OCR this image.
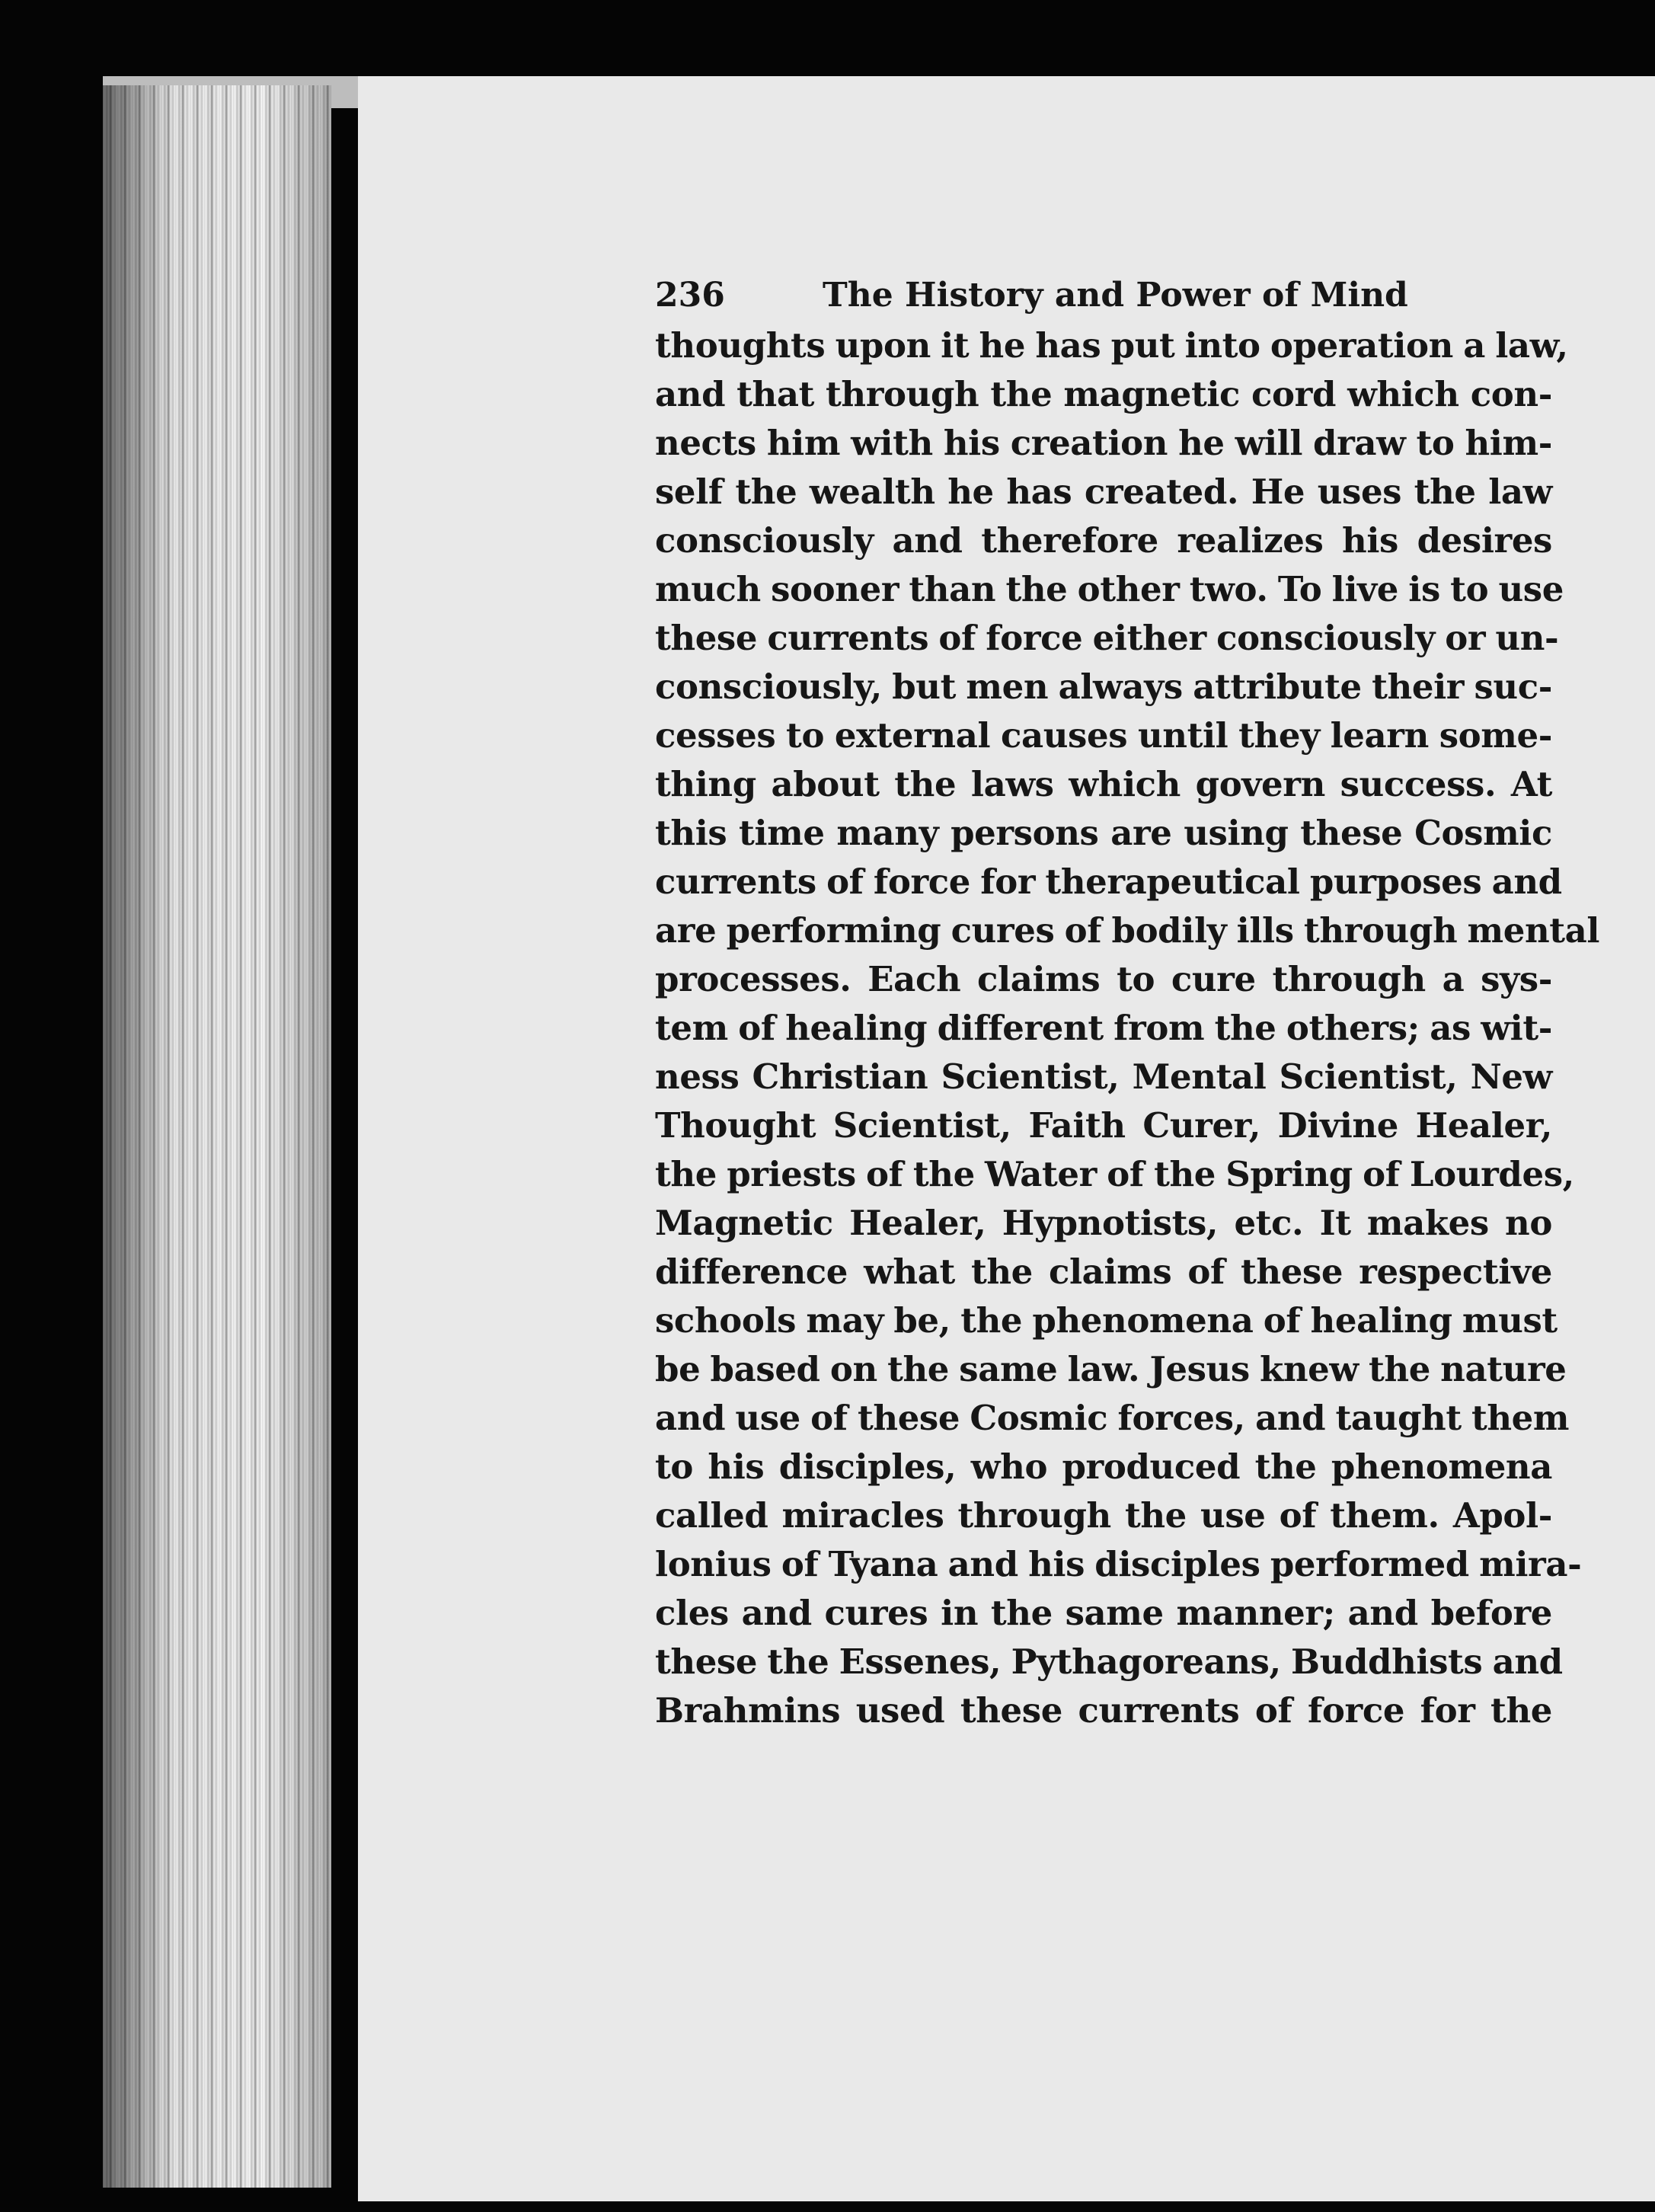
236	The History and Power of Mind
thoughts upon it he has put into operation a law,
and that through the magnetic cord which con-
nects him with his creation he will draw to him-
self the wealth he has created. He uses the law
consciously and therefore realizes his desires
much sooner than the other two. To live is to use
these currents of force either consciously or un-
consciously, but men always attribute their suc-
cesses to external causes until they learn some-
thing about the laws which govern success. At
this time many persons are using these Cosmic
currents of force for therapeutical purposes and
are performing cures of bodily ills through mental
processes. Each claims to cure through a sys-
tem of healing different from the others; as wit-
ness Christian Scientist, Mental Scientist, New
Thought Scientist, Faith Curer, Divine Healer,
the priests of the Water of the Spring of Lourdes,
Magnetic Healer, Hypnotists, etc. It makes no
difference what the claims of these respective
schools may be, the phenomena of healing must
be based on the same law. Jesus knew the nature
and use of these Cosmic forces, and taught them
to his disciples, who produced the phenomena
called miracles through the use of them. Apol-
lonius of Tyana and his disciples performed mira-
cles and cures in the same manner; and before
these the Essenes, Pythagoreans, Buddhists and
Brahmins used these currents of force for the
